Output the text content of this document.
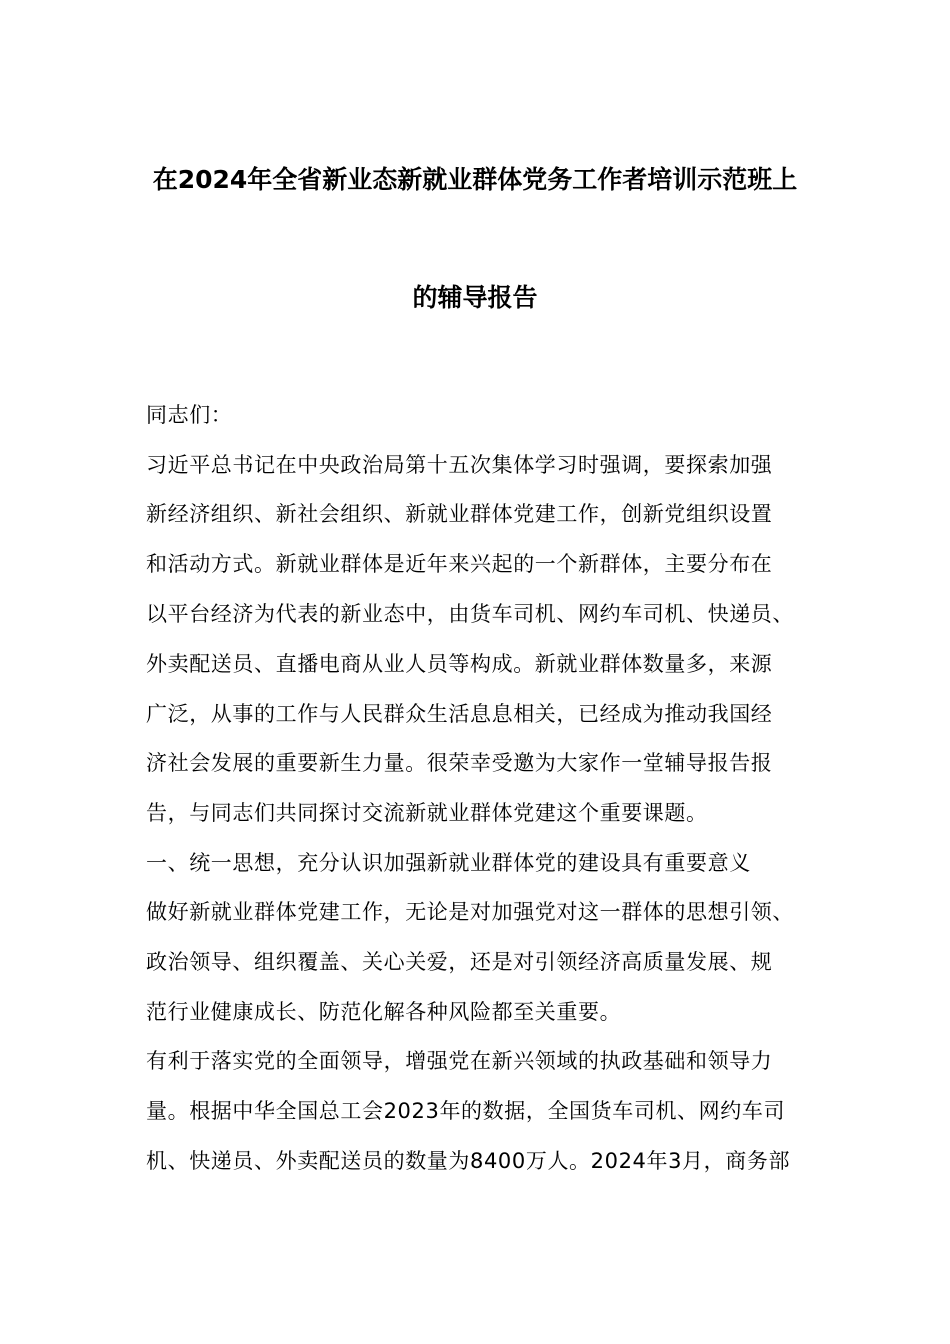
在2024年全省新业态新就业群体党务工作者培训示范班上
的辅导报告
同志们：
习近平总书记在中央政治局第十五次集体学习时强调，要探索加强
新经济组织、新社会组织、新就业群体党建工作，创新党组织设置
和活动方式。新就业群体是近年来兴起的一个新群体，主要分布在
以平台经济为代表的新业态中，由货车司机、网约车司机、快递员、
外卖配送员、直播电商从业人员等构成。新就业群体数量多，来源
广泛，从事的工作与人民群众生活息息相关，已经成为推动我国经
济社会发展的重要新生力量。很荣幸受邀为大家作一堂辅导报告报
告，与同志们共同探讨交流新就业群体党建这个重要课题。
一、统一思想，充分认识加强新就业群体党的建设具有重要意义
做好新就业群体党建工作，无论是对加强党对这一群体的思想引领、
政治领导、组织覆盖、关心关爱，还是对引领经济高质量发展、规
范行业健康成长、防范化解各种风险都至关重要。
有利于落实党的全面领导，增强党在新兴领域的执政基础和领导力
量。根据中华全国总工会2023年的数据，全国货车司机、网约车司
机、快递员、外卖配送员的数量为8400万人。2024年3月，商务部
